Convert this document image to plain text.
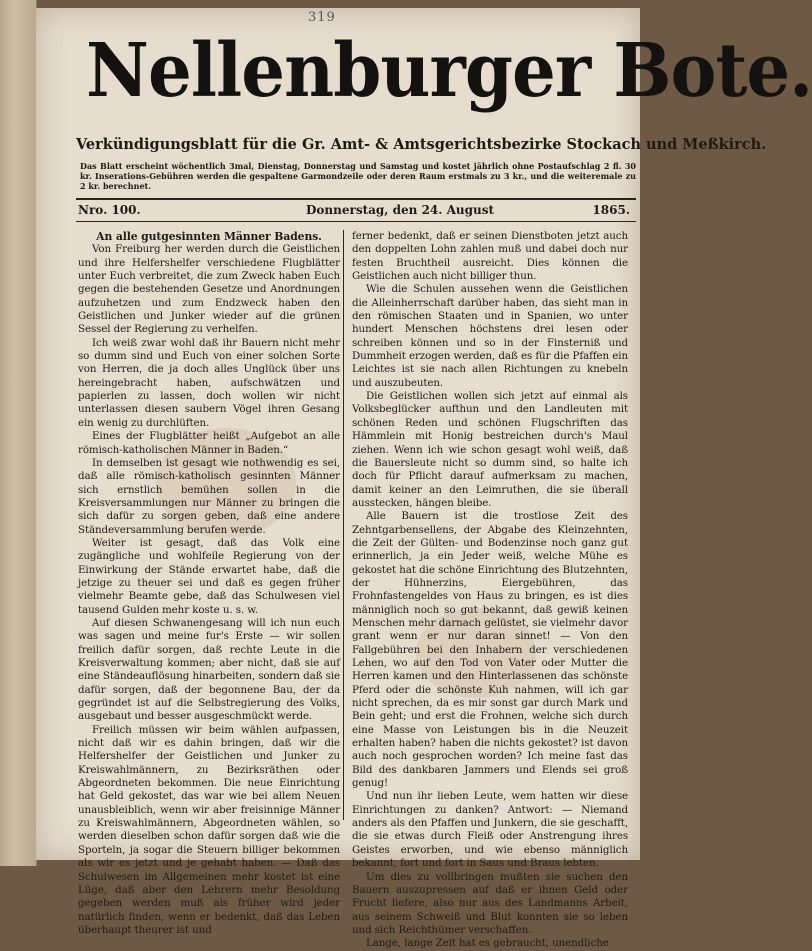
319
Nellenburger Bote.
Verkündigungsblatt für die Gr. Amt- & Amtsgerichtsbezirke Stockach und Meßkirch.
Das Blatt erscheint wöchentlich 3mal, Dienstag, Donnerstag und Samstag und kostet jährlich ohne Postaufschlag 2 fl. 30 kr. Inserations-Gebühren werden die gespaltene Garmondzeile oder deren Raum erstmals zu 3 kr., und die weiteremale zu 2 kr. berechnet.
Nro. 100.	Donnerstag, den 24. August	1865.

An alle gutgesinnten Männer Badens.

Von Freiburg her werden durch die Geistlichen und ihre Helfershelfer verschiedene Flugblätter unter Euch verbreitet, die zum Zweck haben Euch gegen die bestehenden Gesetze und Anordnungen aufzuhetzen und zum Endzweck haben den Geistlichen und Junker wieder auf die grünen Sessel der Regierung zu verhelfen.

Ich weiß zwar wohl daß ihr Bauern nicht mehr so dumm sind und Euch von einer solchen Sorte von Herren, die ja doch alles Unglück über uns hereingebracht haben, aufschwätzen und papierlen zu lassen, doch wollen wir nicht unterlassen diesen saubern Vögel ihren Gesang ein wenig zu durchlüften.

Eines der Flugblätter heißt „Aufgebot an alle römisch-katholischen Männer in Baden.“

In demselben ist gesagt wie nothwendig es sei, daß alle römisch-katholisch gesinnten Männer sich ernstlich bemühen sollen in die Kreisversammlungen nur Männer zu bringen die sich dafür zu sorgen geben, daß eine andere Ständeversammlung berufen werde.

Weiter ist gesagt, daß das Volk eine zugängliche und wohlfeile Regierung von der Einwirkung der Stände erwartet habe, daß die jetzige zu theuer sei und daß es gegen früher vielmehr Beamte gebe, daß das Schulwesen viel tausend Gulden mehr koste u. s. w.

Auf diesen Schwanengesang will ich nun euch was sagen und meine fur's Erste — wir sollen freilich dafür sorgen, daß rechte Leute in die Kreisverwaltung kommen; aber nicht, daß sie auf eine Ständeauflösung hinarbeiten, sondern daß sie dafür sorgen, daß der begonnene Bau, der da gegründet ist auf die Selbstregierung des Volks, ausgebaut und besser ausgeschmückt werde.

Freilich müssen wir beim wählen aufpassen, nicht daß wir es dahin bringen, daß wir die Helfershelfer der Geistlichen und Junker zu Kreiswahlmännern, zu Bezirksräthen oder Abgeordneten bekommen. Die neue Einrichtung hat Geld gekostet, das war wie bei allem Neuen unausbleiblich, wenn wir aber freisinnige Männer zu Kreiswahlmännern, Abgeordneten wählen, so werden dieselben schon dafür sorgen daß wie die Sporteln, ja sogar die Steuern billiger bekommen als wir es jetzt und je gehabt haben. — Daß das Schulwesen im Allgemeinen mehr kostet ist eine Lüge, daß aber den Lehrern mehr Besoldung gegeben werden muß als früher wird jeder natürlich finden, wenn er bedenkt, daß das Leben überhaupt theurer ist und

ferner bedenkt, daß er seinen Dienstboten jetzt auch den doppelten Lohn zahlen muß und dabei doch nur festen Bruchtheil ausreicht. Dies können die Geistlichen auch nicht billiger thun.

Wie die Schulen aussehen wenn die Geistlichen die Alleinherrschaft darüber haben, das sieht man in den römischen Staaten und in Spanien, wo unter hundert Menschen höchstens drei lesen oder schreiben können und so in der Finsterniß und Dummheit erzogen werden, daß es für die Pfaffen ein Leichtes ist sie nach allen Richtungen zu knebeln und auszubeuten.

Die Geistlichen wollen sich jetzt auf einmal als Volksbeglücker aufthun und den Landleuten mit schönen Reden und schönen Flugschriften das Hämmlein mit Honig bestreichen durch's Maul ziehen. Wenn ich wie schon gesagt wohl weiß, daß die Bauersleute nicht so dumm sind, so halte ich doch für Pflicht darauf aufmerksam zu machen, damit keiner an den Leimruthen, die sie überall ausstecken, hängen bleibe.

Alle Bauern ist die trostlose Zeit des Zehntgarbensellens, der Abgabe des Kleinzehnten, die Zeit der Gülten- und Bodenzinse noch ganz gut erinnerlich, ja ein Jeder weiß, welche Mühe es gekostet hat die schöne Einrichtung des Blutzehnten, der Hühnerzins, Eiergebühren, das Frohnfastengeldes von Haus zu bringen, es ist dies männiglich noch so gut bekannt, daß gewiß keinen Menschen mehr darnach gelüstet, sie vielmehr davor grant wenn er nur daran sinnet! — Von den Fallgebühren bei den Inhabern der verschiedenen Lehen, wo auf den Tod von Vater oder Mutter die Herren kamen und den Hinterlassenen das schönste Pferd oder die schönste Kuh nahmen, will ich gar nicht sprechen, da es mir sonst gar durch Mark und Bein geht; und erst die Frohnen, welche sich durch eine Masse von Leistungen bis in die Neuzeit erhalten haben? haben die nichts gekostet? ist davon auch noch gesprochen worden? Ich meine fast das Bild des dankbaren Jammers und Elends sei groß genug!

Und nun ihr lieben Leute, wem hatten wir diese Einrichtungen zu danken? Antwort: — Niemand anders als den Pfaffen und Junkern, die sie geschafft, die sie etwas durch Fleiß oder Anstrengung ihres Geistes erworben, und wie ebenso männiglich bekannt, fort und fort in Saus und Braus lebten.

Um dies zu vollbringen mußten sie suchen den Bauern auszupressen auf daß er ihnen Geld oder Frucht liefere, also nur aus des Landmanns Arbeit, aus seinem Schweiß und Blut konnten sie so leben und sich Reichthümer verschaffen.

Lange, lange Zeit hat es gebraucht, unendliche
